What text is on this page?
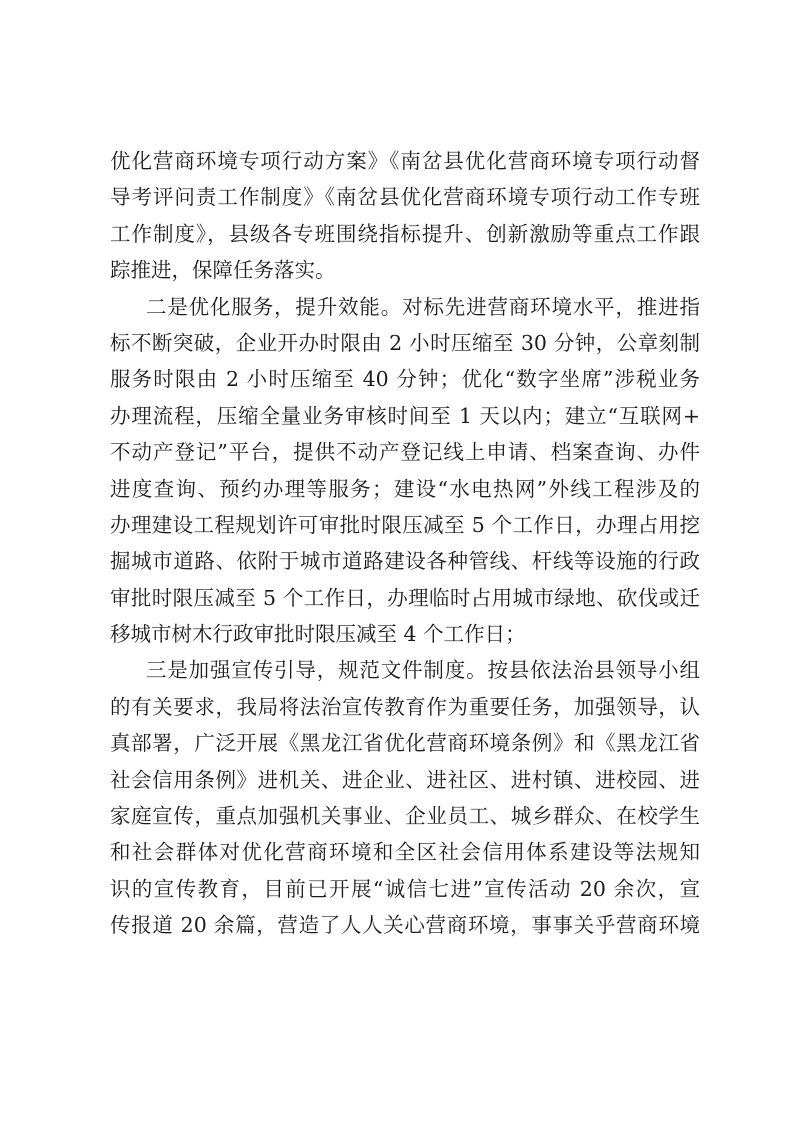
优化营商环境专项行动方案》《南岔县优化营商环境专项行动督
导考评问责工作制度》《南岔县优化营商环境专项行动工作专班
工作制度》，县级各专班围绕指标提升、创新激励等重点工作跟
踪推进，保障任务落实。
二是优化服务，提升效能。对标先进营商环境水平，推进指
标不断突破，企业开办时限由 2 小时压缩至 30 分钟，公章刻制
服务时限由 2 小时压缩至 40 分钟；优化“数字坐席”涉税业务
办理流程，压缩全量业务审核时间至 1 天以内；建立“互联网+
不动产登记”平台，提供不动产登记线上申请、档案查询、办件
进度查询、预约办理等服务；建设“水电热网”外线工程涉及的
办理建设工程规划许可审批时限压减至 5 个工作日，办理占用挖
掘城市道路、依附于城市道路建设各种管线、杆线等设施的行政
审批时限压减至 5 个工作日，办理临时占用城市绿地、砍伐或迁
移城市树木行政审批时限压减至 4 个工作日；
三是加强宣传引导，规范文件制度。按县依法治县领导小组
的有关要求，我局将法治宣传教育作为重要任务，加强领导，认
真部署，广泛开展《黑龙江省优化营商环境条例》和《黑龙江省
社会信用条例》进机关、进企业、进社区、进村镇、进校园、进
家庭宣传，重点加强机关事业、企业员工、城乡群众、在校学生
和社会群体对优化营商环境和全区社会信用体系建设等法规知
识的宣传教育，目前已开展“诚信七进”宣传活动 20 余次，宣
传报道 20 余篇，营造了人人关心营商环境，事事关乎营商环境
